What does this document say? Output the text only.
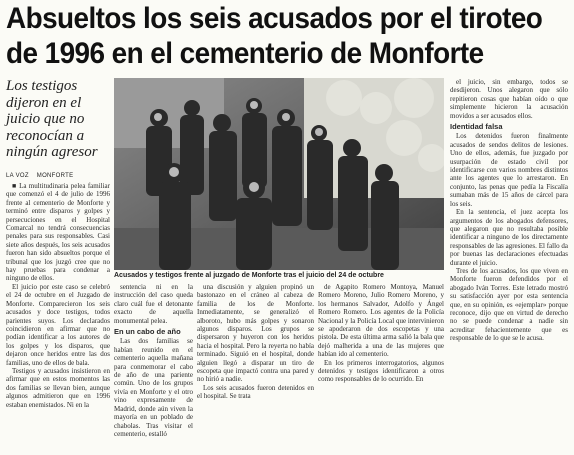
Absueltos los seis acusados por el tiroteo
de 1996 en el cementerio de Monforte
Los testigos dijeron en el juicio que no reconocían a ningún agresor
LA VOZ MONFORTE

■ La multitudinaria pelea familiar que comenzó el 4 de julio de 1996 frente al cementerio de Monforte y terminó entre disparos y golpes y persecuciones en el Hospital Comarcal no tendrá consecuencias penales para sus responsables. Casi siete años después, los seis acusados fueron han sido absueltos porque el tribunal que los juzgó cree que no hay pruebas para condenar a ninguno de ellos.

El juicio por este caso se celebró el 24 de octubre en el Juzgado de Monforte. Comparecieron los seis acusados y doce testigos, todos parientes suyos. Los declarados coincidieron en afirmar que no podían identificar a los autores de los golpes y los disparos, que dejaron once heridos entre las dos familias, uno de ellos de bala.

Testigos y acusados insistieron en afirmar que en estos momentos las dos familias se llevan bien, aunque algunos admitieron que en 1996 estaban enemistados. Ni en la

Acusados y testigos frente al juzgado de Monforte tras el juicio del 24 de octubre

sentencia ni en la instrucción del caso queda claro cuál fue el detonante exacto de aquella monumental pelea.

En un cabo de año

Las dos familias se habían reunido en el cementerio aquella mañana para conmemorar el cabo de año de una pariente común. Uno de los grupos vivía en Monforte y el otro vino expresamente de Madrid, donde aún viven la mayoría en un poblado de chabolas. Tras visitar el cementerio, estalló

una discusión y alguien propinó un bastonazo en el cráneo al cabeza de familia de los de Monforte. Inmediatamente, se generalizó el alboroto, hubo más golpes y sonaron algunos disparos. Los grupos se dispersaron y huyeron con los heridos hacia el hospital. Pero la reyerta no había terminado. Siguió en el hospital, donde alguien llegó a disparar un tiro de escopeta que impactó contra una pared y no hirió a nadie.

Los seis acusados fueron detenidos en el hospital. Se trata

de Agapito Romero Montoya, Manuel Romero Moreno, Julio Romero Moreno, y los hermanos Salvador, Adolfo y Ángel Romero Romero. Los agentes de la Policía Nacional y la Policía Local que intervinieron se apoderaron de dos escopetas y una pistola. De esta última arma salió la bala que dejó malherida a una de las mujeres que habían ido al cementerio.

En los primeros interrogatorios, algunos detenidos y testigos identificaron a otros como responsables de lo ocurrido. En

el juicio, sin embargo, todos se desdijeron. Unos alegaron que sólo repitieron cosas que habían oído o que simplemente hicieron la acusación movidos a ser acusados ellos.

Identidad falsa

Los detenidos fueron finalmente acusados de sendos delitos de lesiones. Uno de ellos, además, fue juzgado por usurpación de estado civil por identificarse con varios nombres distintos ante los agentes que lo arrestaron. En conjunto, las penas que pedía la Fiscalía sumaban más de 15 años de cárcel para los seis.

En la sentencia, el juez acepta los argumentos de los abogados defensores, que alegaron que no resultaba posible identificar a ninguno de los directamente responsables de las agresiones. El fallo da por buenas las declaraciones efectuadas durante el juicio.

Tres de los acusados, los que viven en Monforte fueron defendidos por el abogado Iván Torres. Este letrado mostró su satisfacción ayer por esta sentencia que, en su opinión, es «ejemplar» porque reconoce, dijo que en virtud de derecho no se puede condenar a nadie sin acreditar fehacientemente que es responsable de lo que se le acusa.
